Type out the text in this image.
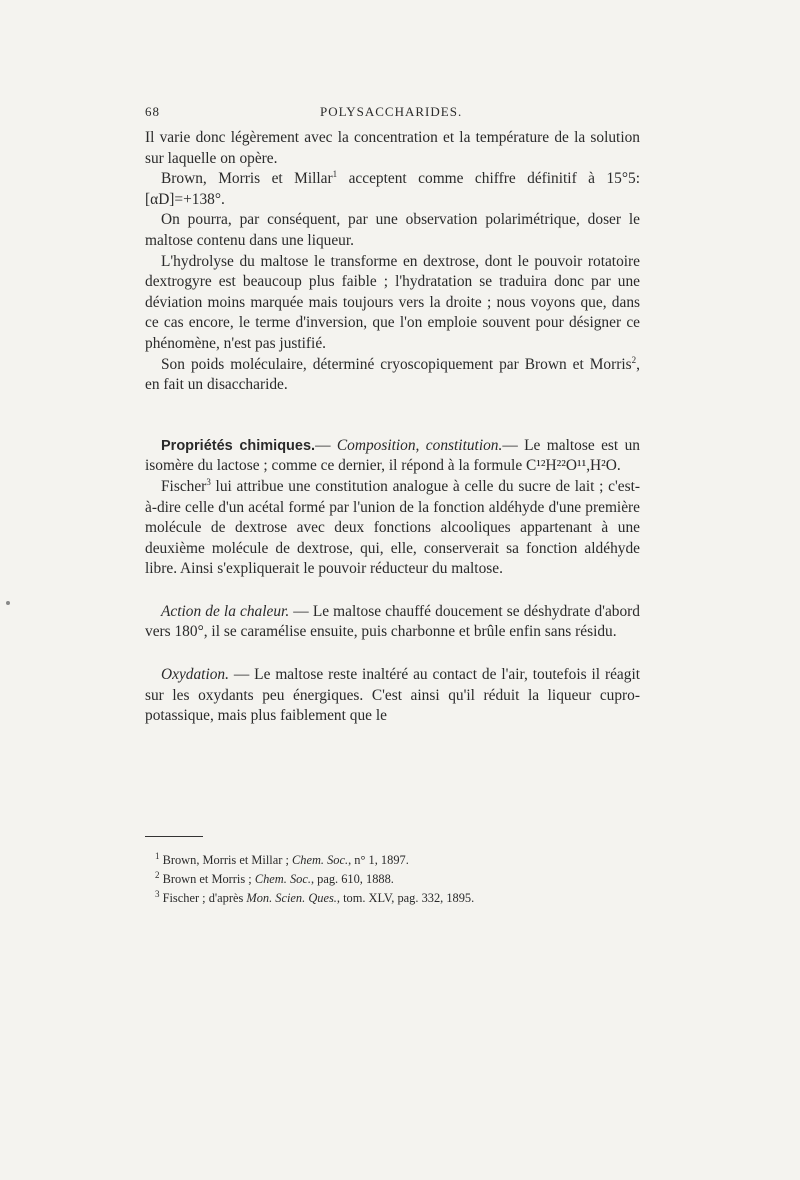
68	POLYSACCHARIDES.

Il varie donc légèrement avec la concentration et la température de la solution sur laquelle on opère.

Brown, Morris et Millar$^1$ acceptent comme chiffre définitif à 15°5: [αD]=+138°.

On pourra, par conséquent, par une observation polarimétrique, doser le maltose contenu dans une liqueur.

L'hydrolyse du maltose le transforme en dextrose, dont le pouvoir rotatoire dextrogyre est beaucoup plus faible ; l'hydratation se traduira donc par une déviation moins marquée mais toujours vers la droite ; nous voyons que, dans ce cas encore, le terme d'inversion, que l'on emploie souvent pour désigner ce phénomène, n'est pas justifié.

Son poids moléculaire, déterminé cryoscopiquement par Brown et Morris$^2$, en fait un disaccharide.

Propriétés chimiques.— Composition, constitution.— Le maltose est un isomère du lactose ; comme ce dernier, il répond à la formule C¹²H²²O¹¹,H²O.

Fischer$^3$ lui attribue une constitution analogue à celle du sucre de lait ; c'est-à-dire celle d'un acétal formé par l'union de la fonction aldéhyde d'une première molécule de dextrose avec deux fonctions alcooliques appartenant à une deuxième molécule de dextrose, qui, elle, conserverait sa fonction aldéhyde libre. Ainsi s'expliquerait le pouvoir réducteur du maltose.

Action de la chaleur. — Le maltose chauffé doucement se déshydrate d'abord vers 180°, il se caramélise ensuite, puis charbonne et brûle enfin sans résidu.

Oxydation. — Le maltose reste inaltéré au contact de l'air, toutefois il réagit sur les oxydants peu énergiques. C'est ainsi qu'il réduit la liqueur cupro-potassique, mais plus faiblement que le

$^1$ Brown, Morris et Millar ; Chem. Soc., n° 1, 1897.
$^2$ Brown et Morris ; Chem. Soc., pag. 610, 1888.
$^3$ Fischer ; d'après Mon. Scien. Ques., tom. XLV, pag. 332, 1895.
